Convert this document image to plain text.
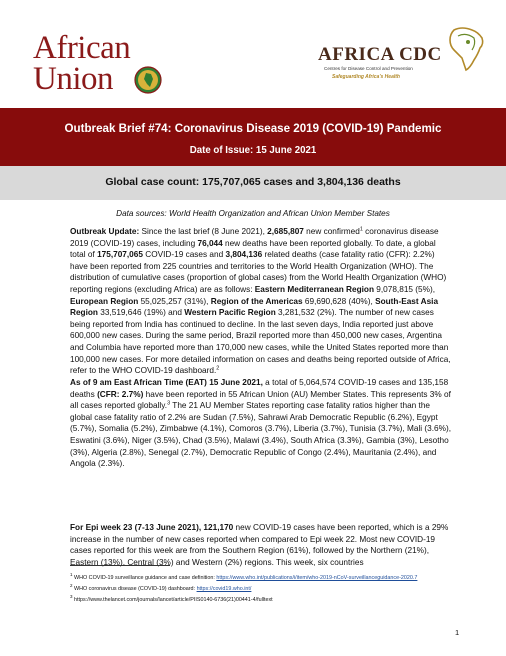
African
Union
AFRICA CDC
Centres for Disease Control and Prevention
Safeguarding Africa's Health
Outbreak Brief #74: Coronavirus Disease 2019 (COVID-19) Pandemic
Date of Issue: 15 June 2021
Global case count: 175,707,065 cases and 3,804,136 deaths
Data sources: World Health Organization and African Union Member States

Outbreak Update: Since the last brief (8 June 2021), 2,685,807 new confirmed$^1$ coronavirus disease 2019 (COVID-19) cases, including 76,044 new deaths have been reported globally. To date, a global total of 175,707,065 COVID-19 cases and 3,804,136 related deaths (case fatality ratio (CFR): 2.2%) have been reported from 225 countries and territories to the World Health Organization (WHO). The distribution of cumulative cases (proportion of global cases) from the World Health Organization (WHO) reporting regions (excluding Africa) are as follows: Eastern Mediterranean Region 9,078,815 (5%), European Region 55,025,257 (31%), Region of the Americas 69,690,628 (40%), South-East Asia Region 33,519,646 (19%) and Western Pacific Region 3,281,532 (2%). The number of new cases being reported from India has continued to decline. In the last seven days, India reported just above 600,000 new cases. During the same period, Brazil reported more than 450,000 new cases, Argentina and Columbia have reported more than 170,000 new cases, while the United States reported more than 100,000 new cases. For more detailed information on cases and deaths being reported outside of Africa, refer to the WHO COVID-19 dashboard.$^2$

As of 9 am East African Time (EAT) 15 June 2021, a total of 5,064,574 COVID-19 cases and 135,158 deaths (CFR: 2.7%) have been reported in 55 African Union (AU) Member States. This represents 3% of all cases reported globally.$^3$ The 21 AU Member States reporting case fatality ratios higher than the global case fatality ratio of 2.2% are Sudan (7.5%), Sahrawi Arab Democratic Republic (6.2%), Egypt (5.7%), Somalia (5.2%), Zimbabwe (4.1%), Comoros (3.7%), Liberia (3.7%), Tunisia (3.7%), Mali (3.6%), Eswatini (3.6%), Niger (3.5%), Chad (3.5%), Malawi (3.4%), South Africa (3.3%), Gambia (3%), Lesotho (3%), Algeria (2.8%), Senegal (2.7%), Democratic Republic of Congo (2.4%), Mauritania (2.4%), and Angola (2.3%).

For Epi week 23 (7-13 June 2021), 121,170 new COVID-19 cases have been reported, which is a 29% increase in the number of new cases reported when compared to Epi week 22. Most new COVID-19 cases reported for this week are from the Southern Region (61%), followed by the Northern (21%), Eastern (13%), Central (3%) and Western (2%) regions. This week, six countries

$^1$ WHO COVID-19 surveillance guidance and case definition: https://www.who.int/publications/i/item/who-2019-nCoV-surveillanceguidance-2020.7
$^2$ WHO coronavirus disease (COVID-19) dashboard: https://covid19.who.int/
$^3$ https://www.thelancet.com/journals/lancet/article/PIIS0140-6736(21)00441-4/fulltext
1
